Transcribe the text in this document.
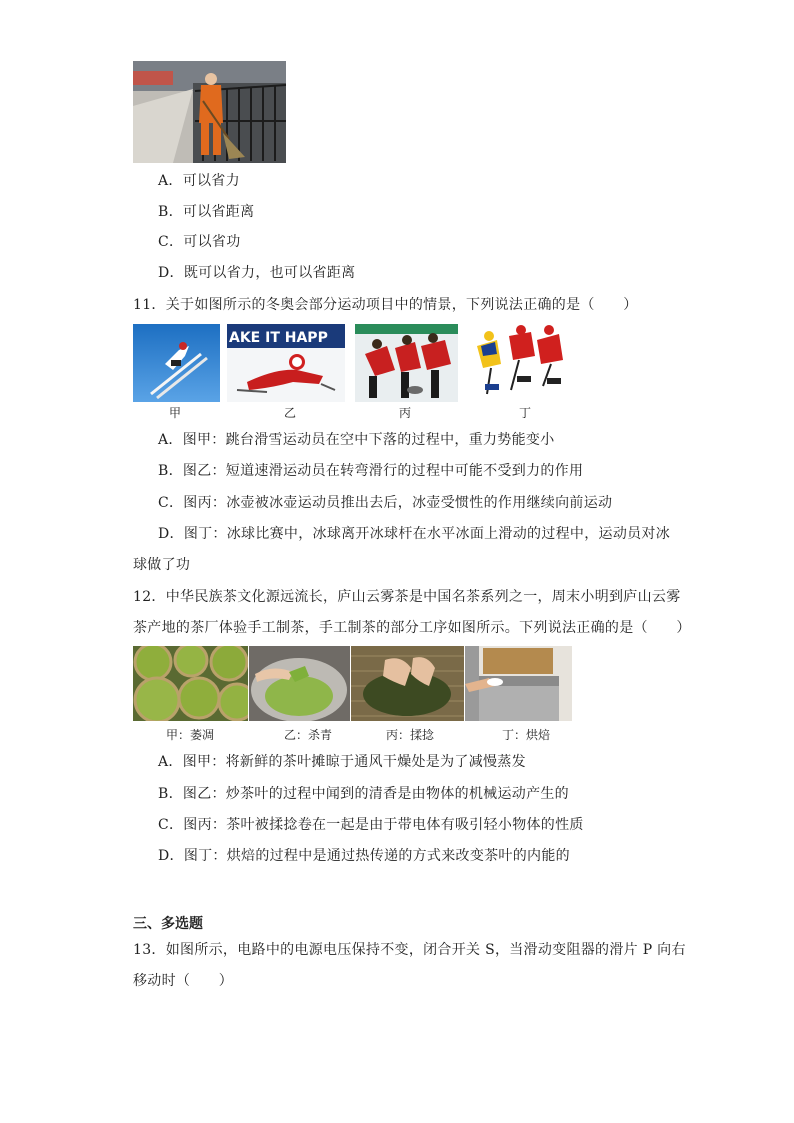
A．可以省力
B．可以省距离
C．可以省功
D．既可以省力，也可以省距离
11．关于如图所示的冬奥会部分运动项目中的情景，下列说法正确的是（　　）
AKE IT HAPP
甲	乙	丙	丁
A．图甲：跳台滑雪运动员在空中下落的过程中，重力势能变小
B．图乙：短道速滑运动员在转弯滑行的过程中可能不受到力的作用
C．图丙：冰壶被冰壶运动员推出去后，冰壶受惯性的作用继续向前运动
D．图丁：冰球比赛中，冰球离开冰球杆在水平冰面上滑动的过程中，运动员对冰
球做了功
12．中华民族茶文化源远流长，庐山云雾茶是中国名茶系列之一，周末小明到庐山云雾
茶产地的茶厂体验手工制茶，手工制茶的部分工序如图所示。下列说法正确的是（　　）
甲：萎凋	乙：杀青	丙：揉捻	丁：烘焙
A．图甲：将新鲜的茶叶摊晾于通风干燥处是为了减慢蒸发
B．图乙：炒茶叶的过程中闻到的清香是由物体的机械运动产生的
C．图丙：茶叶被揉捻卷在一起是由于带电体有吸引轻小物体的性质
D．图丁：烘焙的过程中是通过热传递的方式来改变茶叶的内能的
三、多选题
13．如图所示，电路中的电源电压保持不变，闭合开关 S，当滑动变阻器的滑片 P 向右
移动时（　　）
